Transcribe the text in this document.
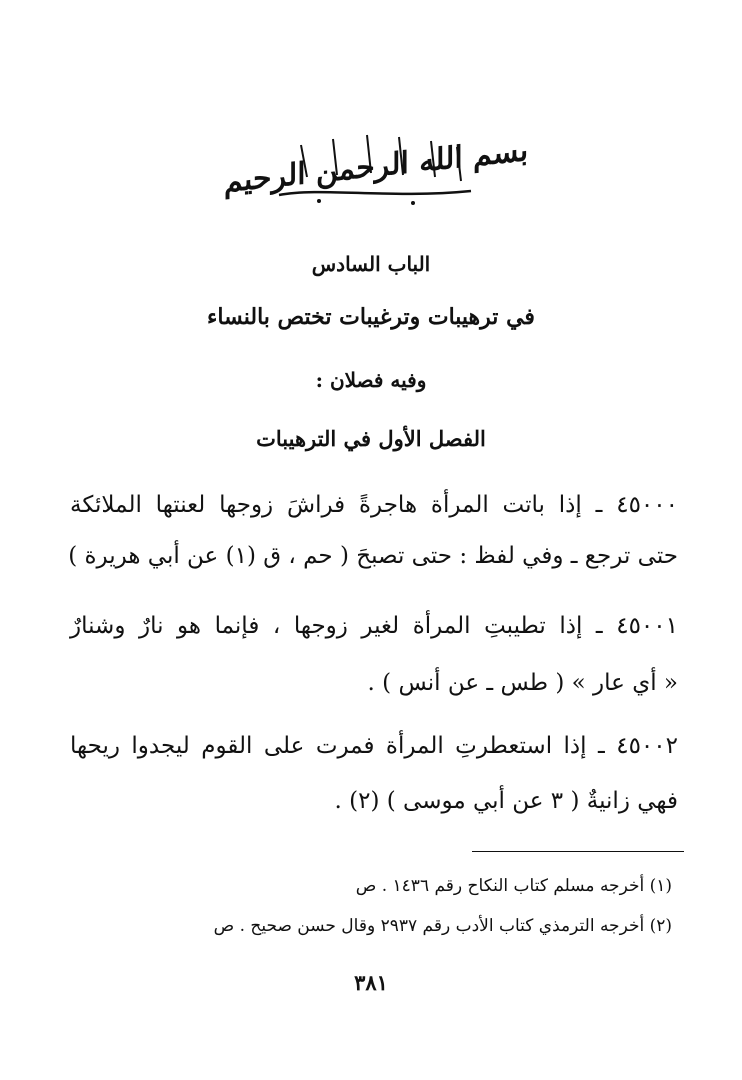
بسم الله الرحمن الرحيم
الباب السادس
في ترهيبات وترغيبات تختص بالنساء
وفيه فصلان :
الفصل الأول في الترهيبات
٤٥٠٠٠ ـ إذا باتت المرأة هاجرةً فراشَ زوجها لعنتها الملائكة
حتى ترجع ـ وفي لفظ : حتى تصبحَ ( حم ، ق (١) عن أبي هريرة )
٤٥٠٠١ ـ إذا تطيبتِ المرأة لغير زوجها ، فإنما هو نارٌ وشنارٌ
« أي عار » ( طس ـ عن أنس ) .
٤٥٠٠٢ ـ إذا استعطرتِ المرأة فمرت على القوم ليجدوا ريحها
فهي زانيةٌ ( ٣ عن أبي موسى ) (٢) .
(١) أخرجه مسلم كتاب النكاح رقم ١٤٣٦ . ص
(٢) أخرجه الترمذي كتاب الأدب رقم ٢٩٣٧ وقال حسن صحيح . ص
٣٨١
